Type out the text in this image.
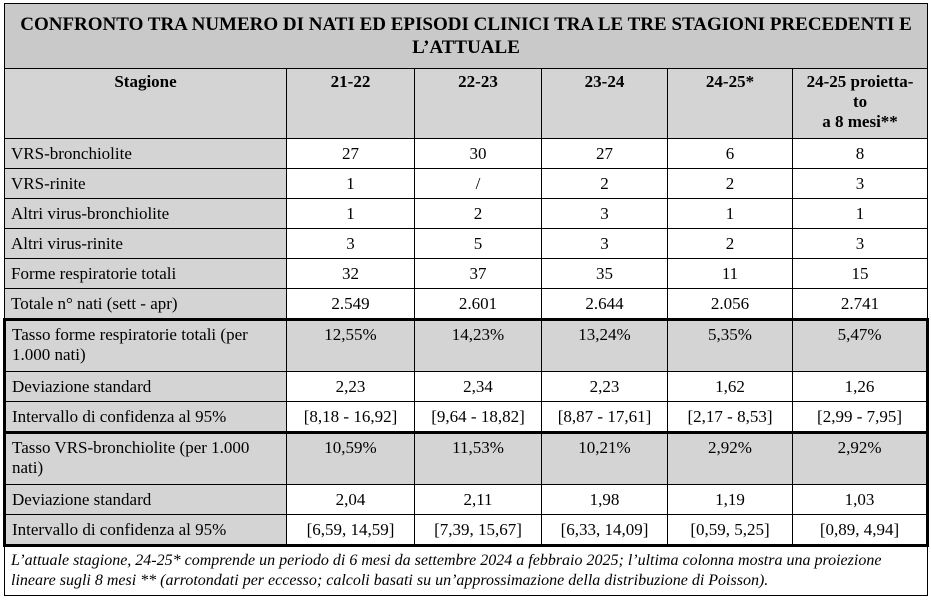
CONFRONTO TRA NUMERO DI NATI ED EPISODI CLINICI TRA LE TRE STAGIONI PRECEDENTI E L’ATTUALE					
Stagione	21-22	22-23	23-24	24-25*	24-25 proietta-
to
a 8 mesi**
VRS-bronchiolite	27	30	27	6	8
VRS-rinite	1	/	2	2	3
Altri virus-bronchiolite	1	2	3	1	1
Altri virus-rinite	3	5	3	2	3
Forme respiratorie totali	32	37	35	11	15
Totale n° nati (sett - apr)	2.549	2.601	2.644	2.056	2.741
Tasso forme respiratorie totali (per 1.000 nati)	12,55%	14,23%	13,24%	5,35%	5,47%
Deviazione standard	2,23	2,34	2,23	1,62	1,26
Intervallo di confidenza al 95%	[8,18 - 16,92]	[9,64 - 18,82]	[8,87 - 17,61]	[2,17 - 8,53]	[2,99 - 7,95]
Tasso VRS-bronchiolite (per 1.000 nati)	10,59%	11,53%	10,21%	2,92%	2,92%
Deviazione standard	2,04	2,11	1,98	1,19	1,03
Intervallo di confidenza al 95%	[6,59, 14,59]	[7,39, 15,67]	[6,33, 14,09]	[0,59, 5,25]	[0,89, 4,94]
L’attuale stagione, 24-25* comprende un periodo di 6 mesi da settembre 2024 a febbraio 2025; l’ultima colonna mostra una proiezione lineare sugli 8 mesi ** (arrotondati per eccesso; calcoli basati su un’approssimazione della distribuzione di Poisson).					
